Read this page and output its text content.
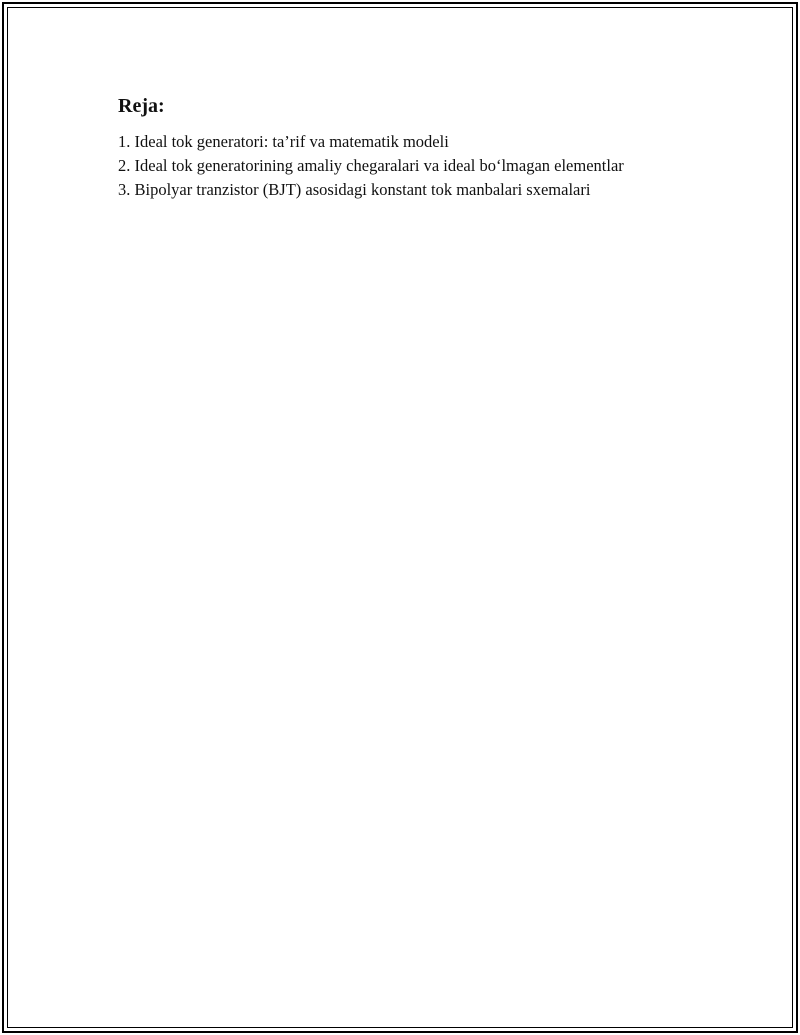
Reja:
1. Ideal tok generatori: ta’rif va matematik modeli
2. Ideal tok generatorining amaliy chegaralari va ideal bo‘lmagan elementlar
3. Bipolyar tranzistor (BJT) asosidagi konstant tok manbalari sxemalari
